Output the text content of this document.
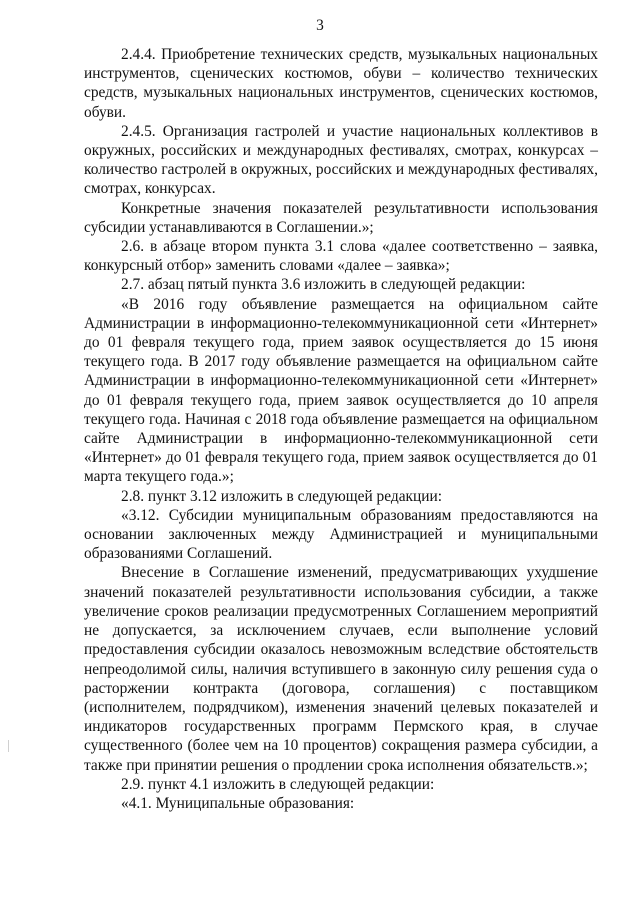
3

2.4.4. Приобретение технических средств, музыкальных национальных инструментов, сценических костюмов, обуви – количество технических средств, музыкальных национальных инструментов, сценических костюмов, обуви.

2.4.5. Организация гастролей и участие национальных коллективов в окружных, российских и международных фестивалях, смотрах, конкурсах – количество гастролей в окружных, российских и международных фестивалях, смотрах, конкурсах.

Конкретные значения показателей результативности использования субсидии устанавливаются в Соглашении.»;

2.6. в абзаце втором пункта 3.1 слова «далее соответственно – заявка, конкурсный отбор» заменить словами «далее – заявка»;

2.7. абзац пятый пункта 3.6 изложить в следующей редакции:

«В 2016 году объявление размещается на официальном сайте Администрации в информационно-телекоммуникационной сети «Интернет» до 01 февраля текущего года, прием заявок осуществляется до 15 июня текущего года. В 2017 году объявление размещается на официальном сайте Администрации в информационно-телекоммуникационной сети «Интернет» до 01 февраля текущего года, прием заявок осуществляется до 10 апреля текущего года. Начиная с 2018 года объявление размещается на официальном сайте Администрации в информационно-телекоммуникационной сети «Интернет» до 01 февраля текущего года, прием заявок осуществляется до 01 марта текущего года.»;

2.8. пункт 3.12 изложить в следующей редакции:

«3.12. Субсидии муниципальным образованиям предоставляются на основании заключенных между Администрацией и муниципальными образованиями Соглашений.

Внесение в Соглашение изменений, предусматривающих ухудшение значений показателей результативности использования субсидии, а также увеличение сроков реализации предусмотренных Соглашением мероприятий не допускается, за исключением случаев, если выполнение условий предоставления субсидии оказалось невозможным вследствие обстоятельств непреодолимой силы, наличия вступившего в законную силу решения суда о расторжении контракта (договора, соглашения) с поставщиком (исполнителем, подрядчиком), изменения значений целевых показателей и индикаторов государственных программ Пермского края, в случае существенного (более чем на 10 процентов) сокращения размера субсидии, а также при принятии решения о продлении срока исполнения обязательств.»;

2.9. пункт 4.1 изложить в следующей редакции:

«4.1. Муниципальные образования:
